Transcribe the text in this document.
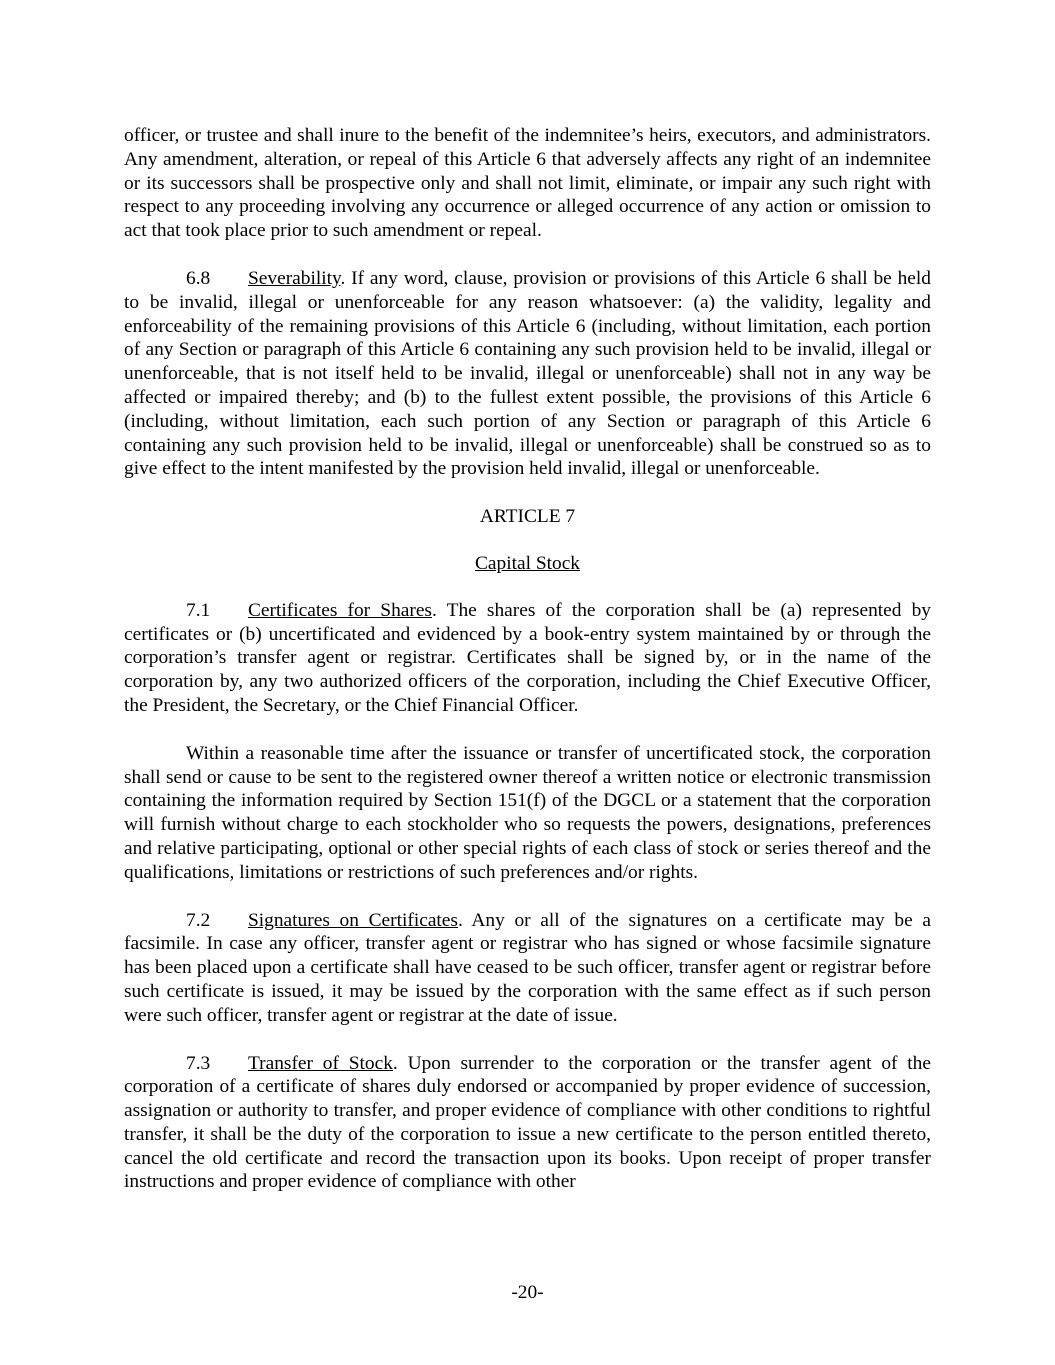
officer, or trustee and shall inure to the benefit of the indemnitee’s heirs, executors, and administrators. Any amendment, alteration, or repeal of this Article 6 that adversely affects any right of an indemnitee or its successors shall be prospective only and shall not limit, eliminate, or impair any such right with respect to any proceeding involving any occurrence or alleged occurrence of any action or omission to act that took place prior to such amendment or repeal.

6.8 Severability. If any word, clause, provision or provisions of this Article 6 shall be held to be invalid, illegal or unenforceable for any reason whatsoever: (a) the validity, legality and enforceability of the remaining provisions of this Article 6 (including, without limitation, each portion of any Section or paragraph of this Article 6 containing any such provision held to be invalid, illegal or unenforceable, that is not itself held to be invalid, illegal or unenforceable) shall not in any way be affected or impaired thereby; and (b) to the fullest extent possible, the provisions of this Article 6 (including, without limitation, each such portion of any Section or paragraph of this Article 6 containing any such provision held to be invalid, illegal or unenforceable) shall be construed so as to give effect to the intent manifested by the provision held invalid, illegal or unenforceable.

ARTICLE 7

Capital Stock

7.1 Certificates for Shares. The shares of the corporation shall be (a) represented by certificates or (b) uncertificated and evidenced by a book-entry system maintained by or through the corporation’s transfer agent or registrar. Certificates shall be signed by, or in the name of the corporation by, any two authorized officers of the corporation, including the Chief Executive Officer, the President, the Secretary, or the Chief Financial Officer.

Within a reasonable time after the issuance or transfer of uncertificated stock, the corporation shall send or cause to be sent to the registered owner thereof a written notice or electronic transmission containing the information required by Section 151(f) of the DGCL or a statement that the corporation will furnish without charge to each stockholder who so requests the powers, designations, preferences and relative participating, optional or other special rights of each class of stock or series thereof and the qualifications, limitations or restrictions of such preferences and/or rights.

7.2 Signatures on Certificates. Any or all of the signatures on a certificate may be a facsimile. In case any officer, transfer agent or registrar who has signed or whose facsimile signature has been placed upon a certificate shall have ceased to be such officer, transfer agent or registrar before such certificate is issued, it may be issued by the corporation with the same effect as if such person were such officer, transfer agent or registrar at the date of issue.

7.3 Transfer of Stock. Upon surrender to the corporation or the transfer agent of the corporation of a certificate of shares duly endorsed or accompanied by proper evidence of succession, assignation or authority to transfer, and proper evidence of compliance with other conditions to rightful transfer, it shall be the duty of the corporation to issue a new certificate to the person entitled thereto, cancel the old certificate and record the transaction upon its books. Upon receipt of proper transfer instructions and proper evidence of compliance with other

-20-
